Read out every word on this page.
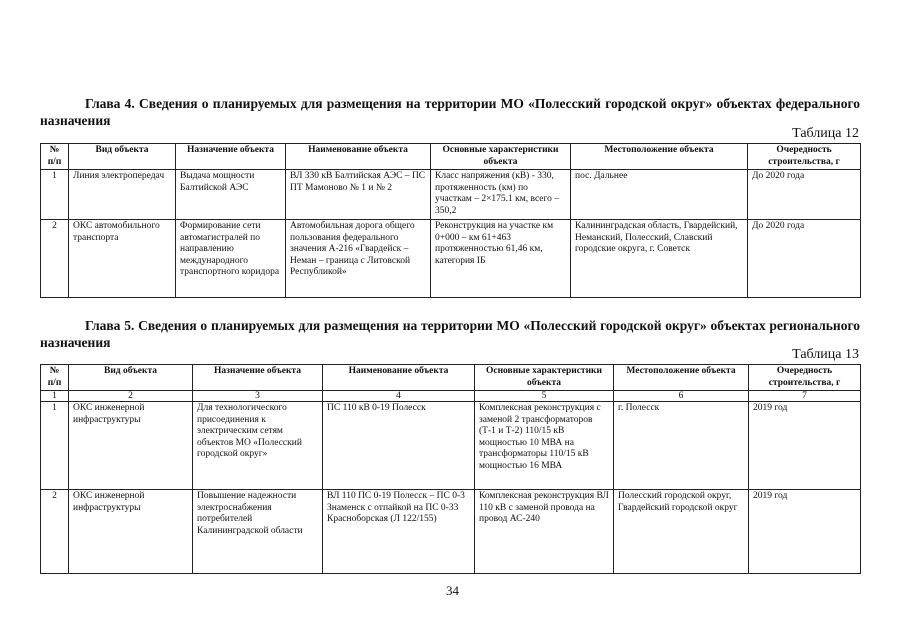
Глава 4. Сведения о планируемых для размещения на территории МО «Полесский городской округ» объектах федерального назначения
Таблица 12
№ п/п	Вид объекта	Назначение объекта	Наименование объекта	Основные характеристики объекта	Местоположение объекта	Очередность строительства, г
1	Линия электропередач	Выдача мощности Балтийской АЭС	ВЛ 330 кВ Балтийская АЭС – ПС ПТ Мамоново № 1 и № 2	Класс напряжения (кВ) - 330, протяженность (км) по участкам – 2×175.1 км, всего – 350,2	пос. Дальнее	До 2020 года
2	ОКС автомобильного транспорта	Формирование сети автомагистралей по направлению международного транспортного коридора	Автомобильная дорога общего пользования федерального значения А-216 «Гвардейск – Неман – граница с Литовской Республикой»	Реконструкция на участке км 0+000 – км 61+463 протяженностью 61,46 км, категория IБ	Калининградская область, Гвардейский, Неманский, Полесский, Славский городские округа, г. Советск	До 2020 года
Глава 5. Сведения о планируемых для размещения на территории МО «Полесский городской округ» объектах регионального назначения
Таблица 13
№ п/п	Вид объекта	Назначение объекта	Наименование объекта	Основные характеристики объекта	Местоположение объекта	Очередность строительства, г
1	2	3	4	5	6	7
1	ОКС инженерной инфраструктуры	Для технологического присоединения к электрическим сетям объектов МО «Полесский городской округ»	ПС 110 кВ 0-19 Полесск	Комплексная реконструкция с заменой 2 трансформаторов (Т-1 и Т-2) 110/15 кВ мощностью 10 МВА на трансформаторы 110/15 кВ мощностью 16 МВА	г. Полесск	2019 год
2	ОКС инженерной инфраструктуры	Повышение надежности электроснабжения потребителей Калининградской области	ВЛ 110 ПС 0-19 Полесск – ПС 0-3 Знаменск с отпайкой на ПС 0-33 Красноборская (Л 122/155)	Комплексная реконструкция ВЛ 110 кВ с заменой провода на провод АС-240	Полесский городской округ, Гвардейский городской округ	2019 год
34
